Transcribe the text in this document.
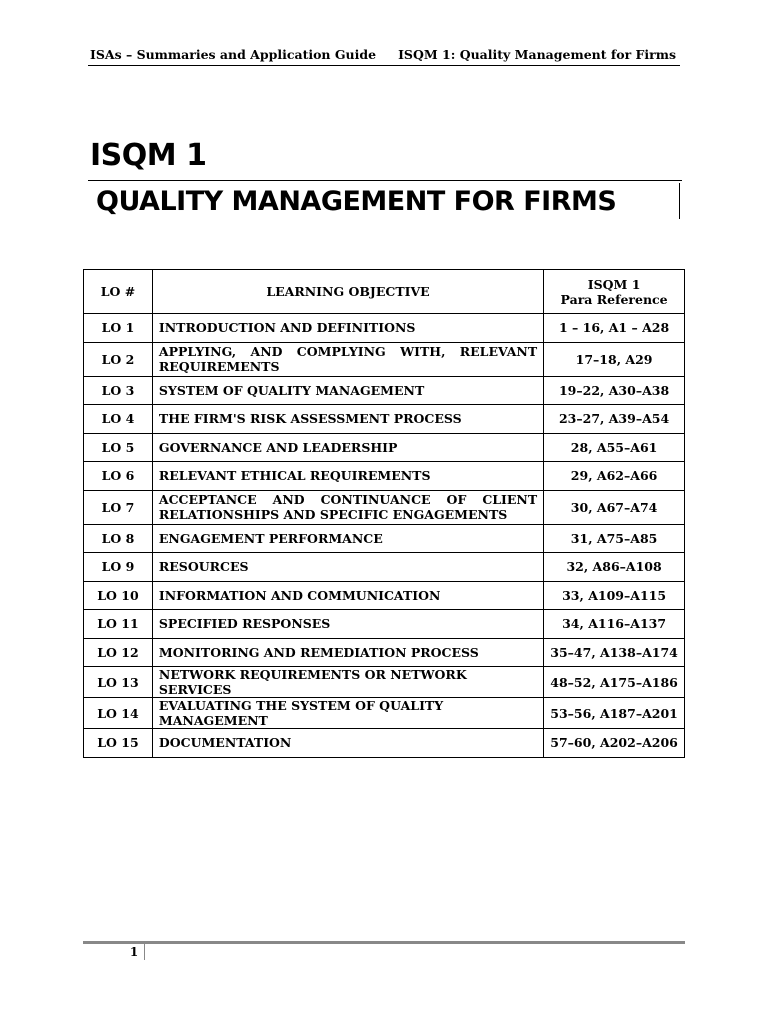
ISAs – Summaries and Application Guide ISQM 1: Quality Management for Firms
ISQM 1
QUALITY MANAGEMENT FOR FIRMS
LO #	LEARNING OBJECTIVE	ISQM 1
Para Reference

LO 1	INTRODUCTION AND DEFINITIONS	1 – 16, A1 – A28
LO 2	APPLYING, AND COMPLYING WITH, RELEVANT REQUIREMENTS	17–18, A29
LO 3	SYSTEM OF QUALITY MANAGEMENT	19–22, A30–A38
LO 4	THE FIRM'S RISK ASSESSMENT PROCESS	23–27, A39–A54
LO 5	GOVERNANCE AND LEADERSHIP	28, A55–A61
LO 6	RELEVANT ETHICAL REQUIREMENTS	29, A62–A66
LO 7	ACCEPTANCE AND CONTINUANCE OF CLIENT RELATIONSHIPS AND SPECIFIC ENGAGEMENTS	30, A67–A74
LO 8	ENGAGEMENT PERFORMANCE	31, A75–A85
LO 9	RESOURCES	32, A86–A108
LO 10	INFORMATION AND COMMUNICATION	33, A109–A115
LO 11	SPECIFIED RESPONSES	34, A116–A137
LO 12	MONITORING AND REMEDIATION PROCESS	35–47, A138–A174
LO 13	NETWORK REQUIREMENTS OR NETWORK SERVICES	48–52, A175–A186
LO 14	EVALUATING THE SYSTEM OF QUALITY MANAGEMENT	53–56, A187–A201
LO 15	DOCUMENTATION	57–60, A202–A206
1
